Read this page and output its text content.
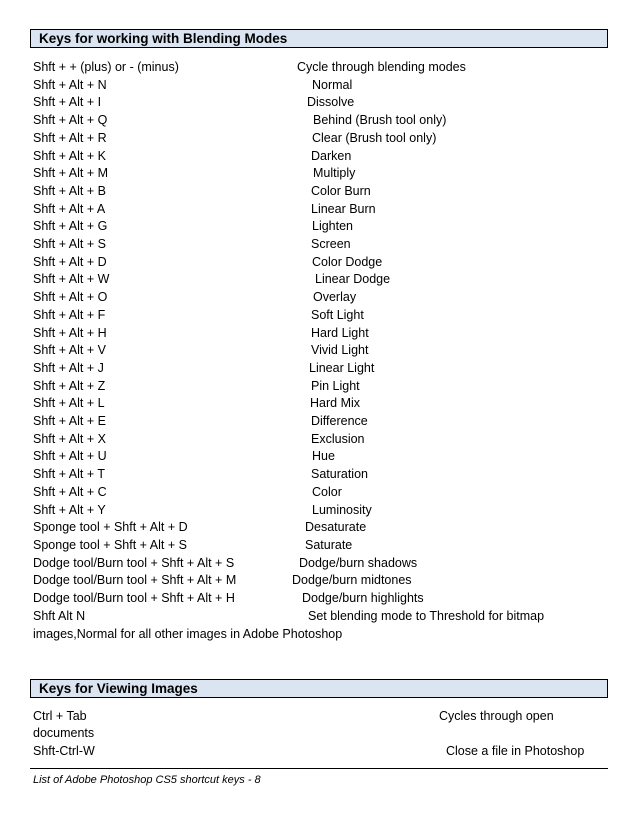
Keys for working with Blending Modes
Shft + + (plus) or - (minus)	Cycle through blending modes
Shft + Alt + N	Normal
Shft + Alt + I	Dissolve
Shft + Alt + Q	Behind (Brush tool only)
Shft + Alt + R	Clear (Brush tool only)
Shft + Alt + K	Darken
Shft + Alt + M	Multiply
Shft + Alt + B	Color Burn
Shft + Alt + A	Linear Burn
Shft + Alt + G	Lighten
Shft + Alt + S	Screen
Shft + Alt + D	Color Dodge
Shft + Alt + W	Linear Dodge
Shft + Alt + O	Overlay
Shft + Alt + F	Soft Light
Shft + Alt + H	Hard Light
Shft + Alt + V	Vivid Light
Shft + Alt + J	Linear Light
Shft + Alt + Z	Pin Light
Shft + Alt + L	Hard Mix
Shft + Alt + E	Difference
Shft + Alt + X	Exclusion
Shft + Alt + U	Hue
Shft + Alt + T	Saturation
Shft + Alt + C	Color
Shft + Alt + Y	Luminosity
Sponge tool + Shft + Alt + D	Desaturate
Sponge tool + Shft + Alt + S	Saturate
Dodge tool/Burn tool + Shft + Alt + S	Dodge/burn shadows
Dodge tool/Burn tool + Shft + Alt + M	Dodge/burn midtones
Dodge tool/Burn tool + Shft + Alt + H	Dodge/burn highlights
Shft Alt N	Set blending mode to Threshold for bitmap
images,Normal for all other images in Adobe Photoshop
Keys for Viewing Images
Ctrl + Tab	Cycles through open
documents
Shft-Ctrl-W	Close a file in Photoshop
List of Adobe Photoshop CS5 shortcut keys - 8
